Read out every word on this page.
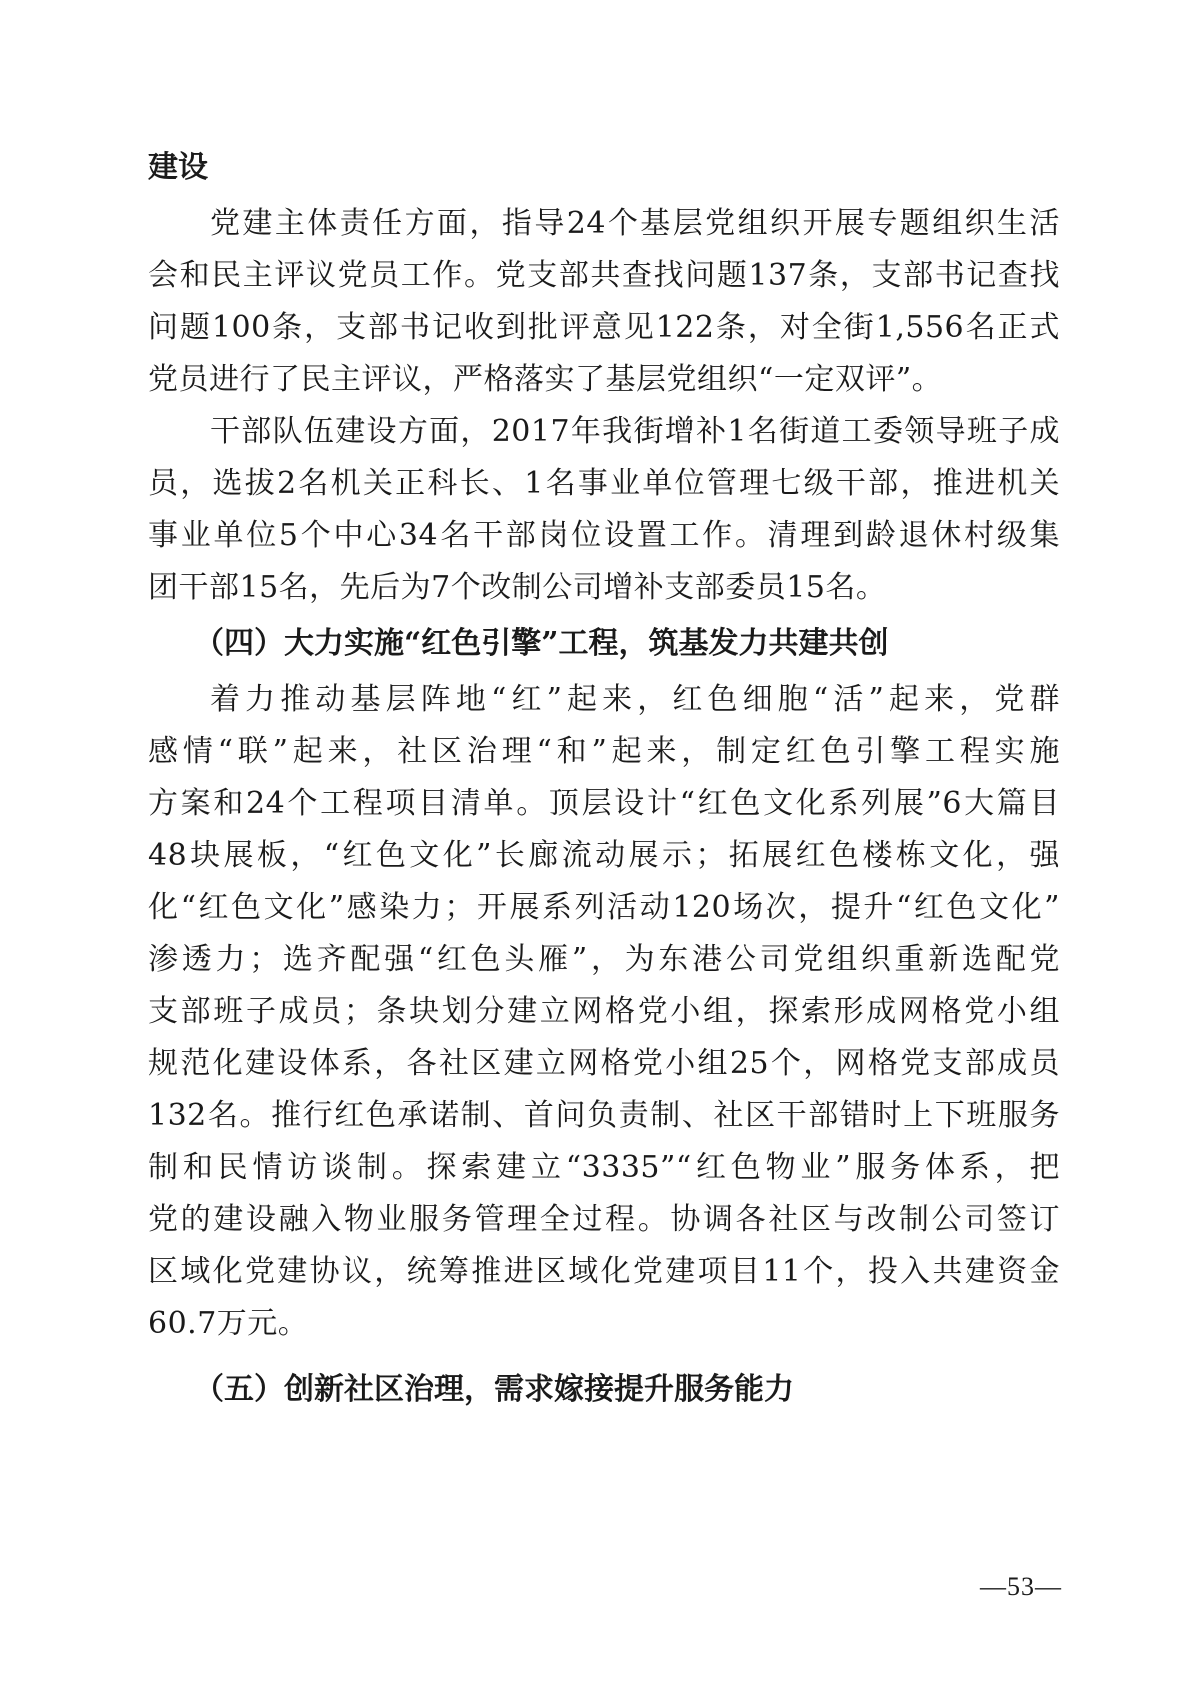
建设
党建主体责任方面，指导24个基层党组织开展专题组织生活
会和民主评议党员工作。党支部共查找问题137条，支部书记查找
问题100条，支部书记收到批评意见122条，对全街1,556名正式
党员进行了民主评议，严格落实了基层党组织“一定双评”。
干部队伍建设方面，2017年我街增补1名街道工委领导班子成
员，选拔2名机关正科长、1名事业单位管理七级干部，推进机关
事业单位5个中心34名干部岗位设置工作。清理到龄退休村级集
团干部15名，先后为7个改制公司增补支部委员15名。
（四）大力实施“红色引擎”工程，筑基发力共建共创
着力推动基层阵地“红”起来，红色细胞“活”起来，党群
感情“联”起来，社区治理“和”起来，制定红色引擎工程实施
方案和24个工程项目清单。顶层设计“红色文化系列展”6大篇目
48块展板，“红色文化”长廊流动展示；拓展红色楼栋文化，强
化“红色文化”感染力；开展系列活动120场次，提升“红色文化”
渗透力；选齐配强“红色头雁”，为东港公司党组织重新选配党
支部班子成员；条块划分建立网格党小组，探索形成网格党小组
规范化建设体系，各社区建立网格党小组25个，网格党支部成员
132名。推行红色承诺制、首问负责制、社区干部错时上下班服务
制和民情访谈制。探索建立“3335”“红色物业”服务体系，把
党的建设融入物业服务管理全过程。协调各社区与改制公司签订
区域化党建协议，统筹推进区域化党建项目11个，投入共建资金
60.7万元。
（五）创新社区治理，需求嫁接提升服务能力
—53—
